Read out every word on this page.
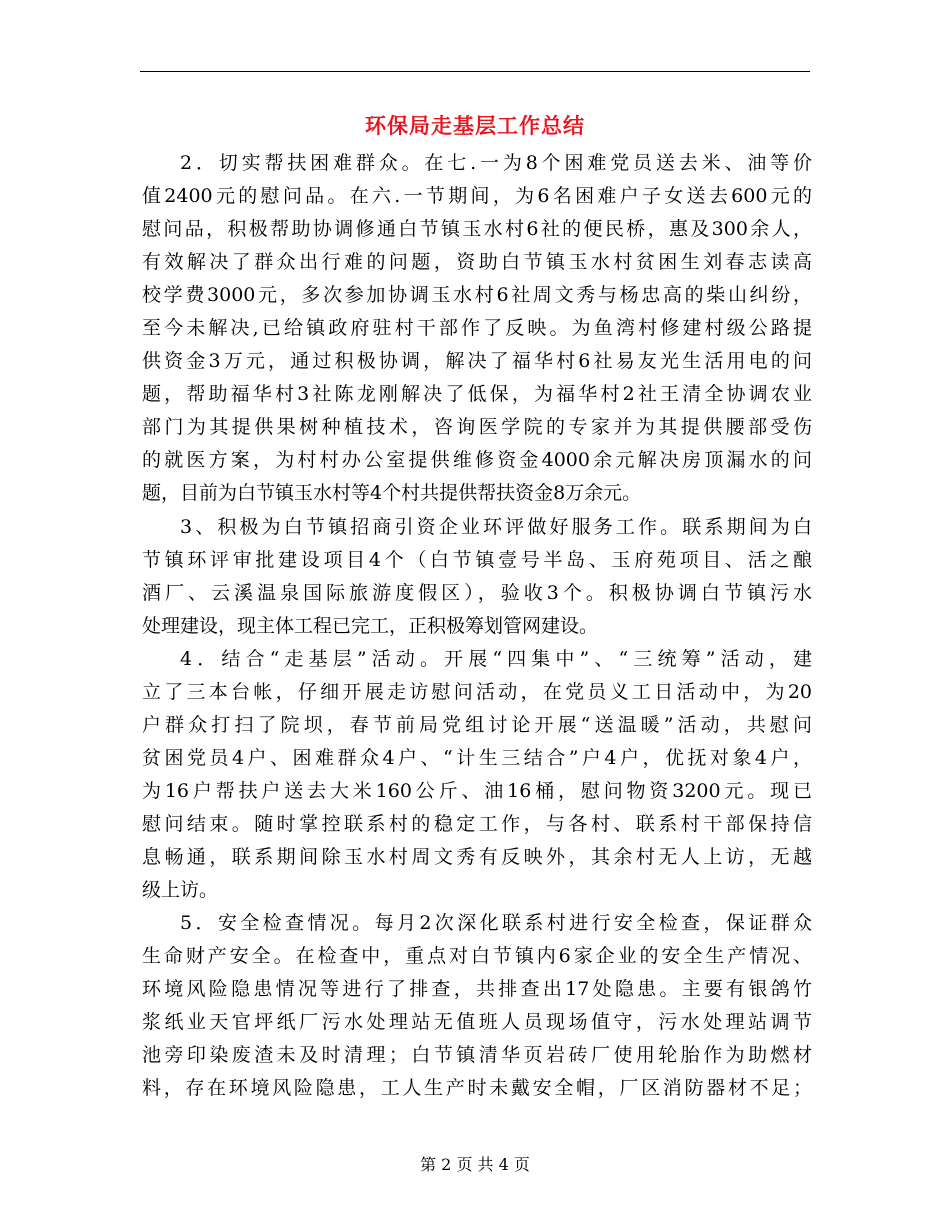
环保局走基层工作总结
2．切实帮扶困难群众。在七.一为8个困难党员送去米、油等价
值2400元的慰问品。在六.一节期间，为6名困难户子女送去600元的
慰问品，积极帮助协调修通白节镇玉水村6社的便民桥，惠及300余人，
有效解决了群众出行难的问题，资助白节镇玉水村贫困生刘春志读高
校学费3000元，多次参加协调玉水村6社周文秀与杨忠高的柴山纠纷，
至今未解决,已给镇政府驻村干部作了反映。为鱼湾村修建村级公路提
供资金3万元，通过积极协调，解决了福华村6社易友光生活用电的问
题，帮助福华村3社陈龙刚解决了低保，为福华村2社王清全协调农业
部门为其提供果树种植技术，咨询医学院的专家并为其提供腰部受伤
的就医方案，为村村办公室提供维修资金4000余元解决房顶漏水的问
题，目前为白节镇玉水村等4个村共提供帮扶资金8万余元。
3、积极为白节镇招商引资企业环评做好服务工作。联系期间为白
节镇环评审批建设项目4个（白节镇壹号半岛、玉府苑项目、活之酿
酒厂、云溪温泉国际旅游度假区），验收3个。积极协调白节镇污水
处理建设，现主体工程已完工，正积极筹划管网建设。
4．结合“走基层”活动。开展“四集中”、“三统筹”活动，建
立了三本台帐，仔细开展走访慰问活动，在党员义工日活动中，为20
户群众打扫了院坝，春节前局党组讨论开展“送温暖”活动，共慰问
贫困党员4户、困难群众4户、“计生三结合”户4户，优抚对象4户，
为16户帮扶户送去大米160公斤、油16桶，慰问物资3200元。现已
慰问结束。随时掌控联系村的稳定工作，与各村、联系村干部保持信
息畅通，联系期间除玉水村周文秀有反映外，其余村无人上访，无越
级上访。
5．安全检查情况。每月2次深化联系村进行安全检查，保证群众
生命财产安全。在检查中，重点对白节镇内6家企业的安全生产情况、
环境风险隐患情况等进行了排查，共排查出17处隐患。主要有银鸽竹
浆纸业天官坪纸厂污水处理站无值班人员现场值守，污水处理站调节
池旁印染废渣未及时清理；白节镇清华页岩砖厂使用轮胎作为助燃材
料，存在环境风险隐患，工人生产时未戴安全帽，厂区消防器材不足；
第 2 页 共 4 页
